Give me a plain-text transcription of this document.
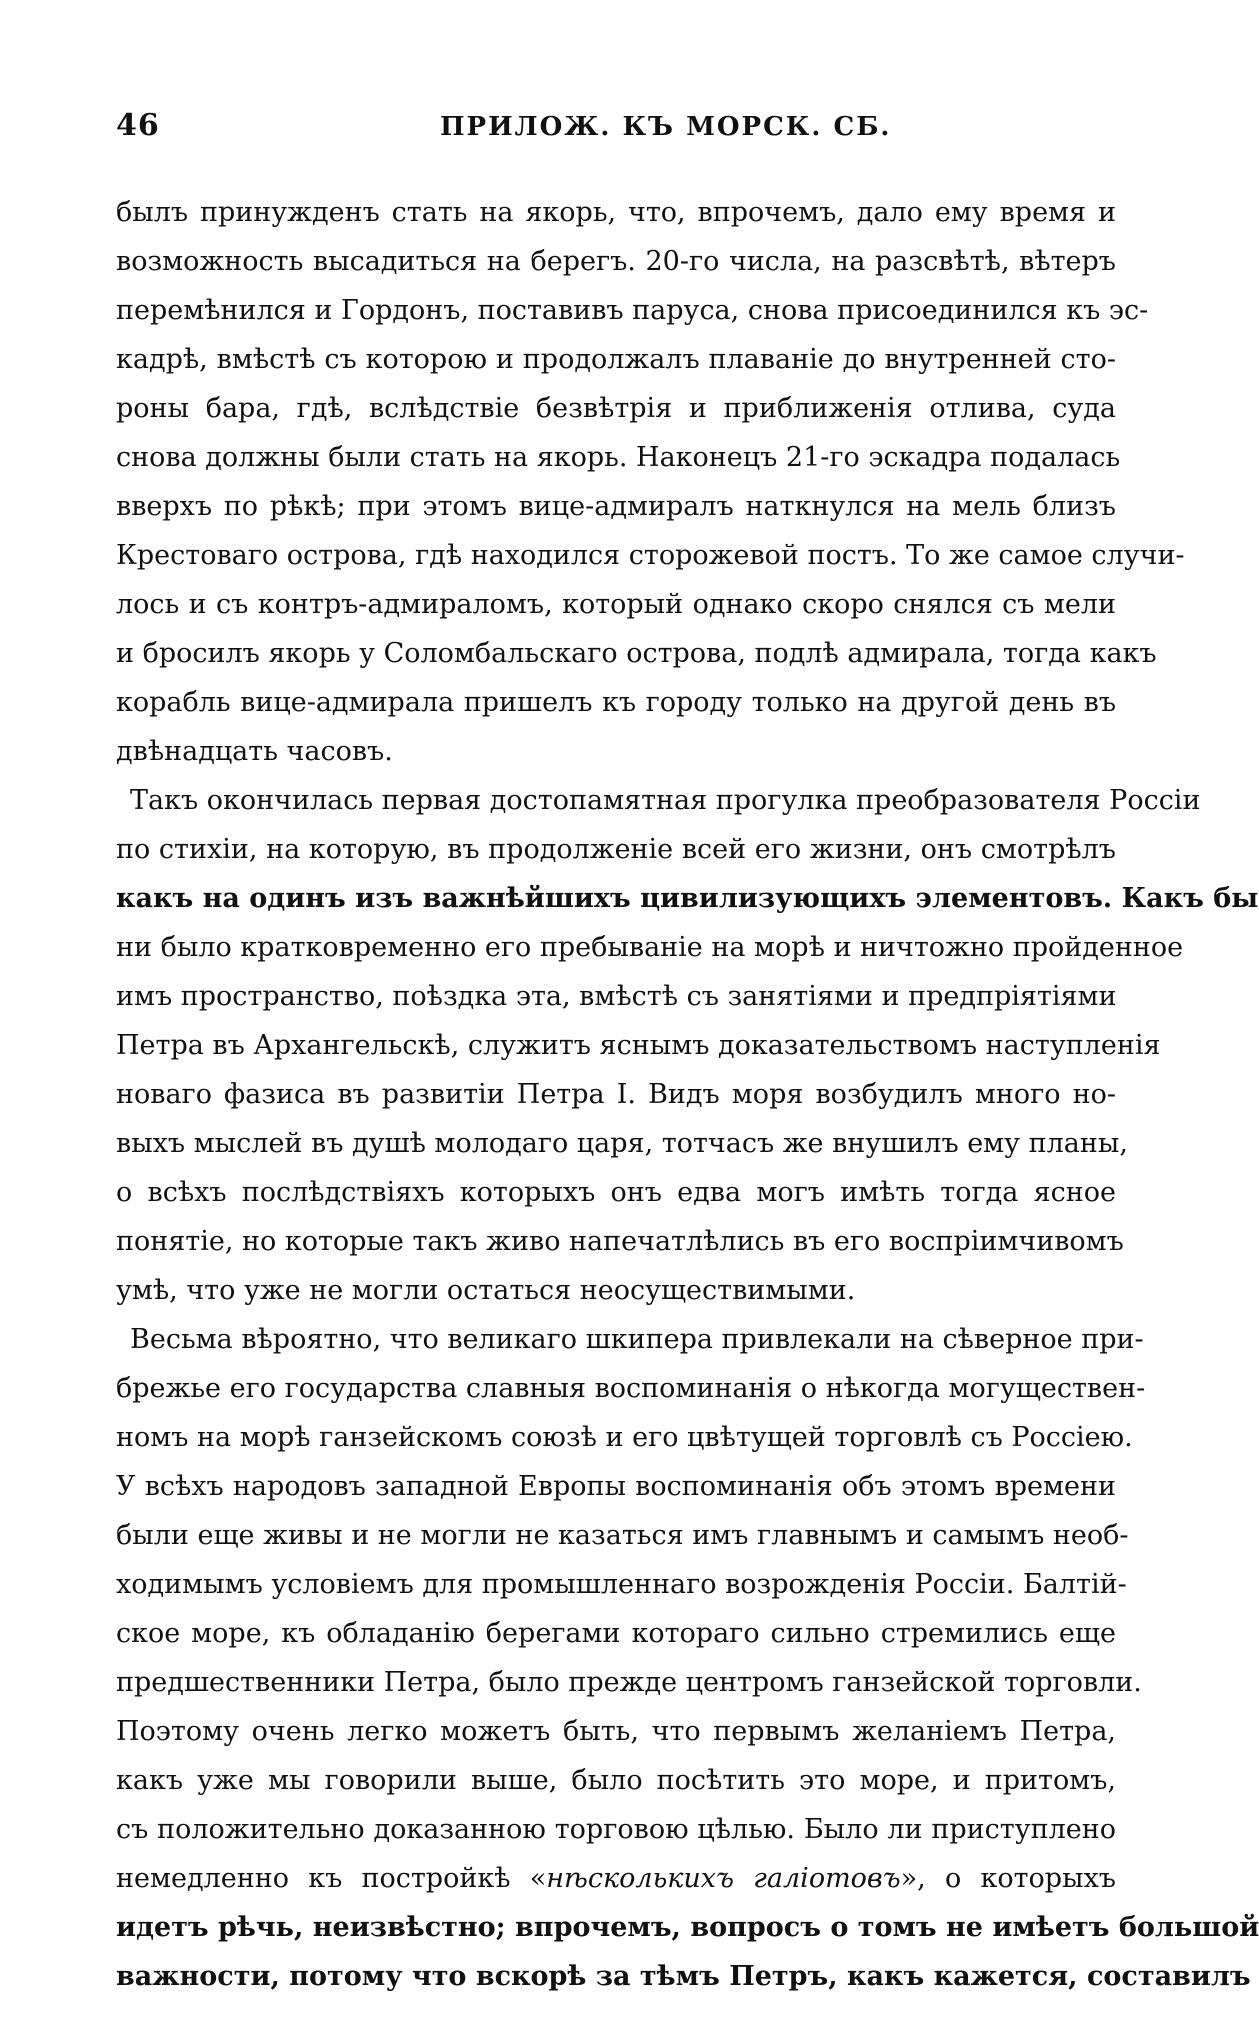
46	ПРИЛОЖ. КЪ МОРСК. СБ.

былъ принужденъ стать на якорь, что, впрочемъ, дало ему время и
возможность высадиться на берегъ. 20-го числа, на разсвѣтѣ, вѣтеръ
перемѣнился и Гордонъ, поставивъ паруса, снова присоединился къ эс-
кадрѣ, вмѣстѣ съ которою и продолжалъ плаваніе до внутренней сто-
роны бара, гдѣ, вслѣдствіе безвѣтрія и приближенія отлива, суда
снова должны были стать на якорь. Наконецъ 21-го эскадра подалась
вверхъ по рѣкѣ; при этомъ вице-адмиралъ наткнулся на мель близъ
Крестоваго острова, гдѣ находился сторожевой постъ. То же самое случи-
лось и съ контръ-адмираломъ, который однако скоро снялся съ мели
и бросилъ якорь у Соломбальскаго острова, подлѣ адмирала, тогда какъ
корабль вице-адмирала пришелъ къ городу только на другой день въ
двѣнадцать часовъ.

Такъ окончилась первая достопамятная прогулка преобразователя Россіи
по стихіи, на которую, въ продолженіе всей его жизни, онъ смотрѣлъ
какъ на одинъ изъ важнѣйшихъ цивилизующихъ элементовъ. Какъ бы
ни было кратковременно его пребываніе на морѣ и ничтожно пройденное
имъ пространство, поѣздка эта, вмѣстѣ съ занятіями и предпріятіями
Петра въ Архангельскѣ, служитъ яснымъ доказательствомъ наступленія
новаго фазиса въ развитіи Петра I. Видъ моря возбудилъ много но-
выхъ мыслей въ душѣ молодаго царя, тотчасъ же внушилъ ему планы,
о всѣхъ послѣдствіяхъ которыхъ онъ едва могъ имѣть тогда ясное
понятіе, но которые такъ живо напечатлѣлись въ его воспріимчивомъ
умѣ, что уже не могли остаться неосуществимыми.

Весьма вѣроятно, что великаго шкипера привлекали на сѣверное при-
брежье его государства славныя воспоминанія о нѣкогда могуществен-
номъ на морѣ ганзейскомъ союзѣ и его цвѣтущей торговлѣ съ Россіею.
У всѣхъ народовъ западной Европы воспоминанія объ этомъ времени
были еще живы и не могли не казаться имъ главнымъ и самымъ необ-
ходимымъ условіемъ для промышленнаго возрожденія Россіи. Балтій-
ское море, къ обладанію берегами котораго сильно стремились еще
предшественники Петра, было прежде центромъ ганзейской торговли.
Поэтому очень легко можетъ быть, что первымъ желаніемъ Петра,
какъ уже мы говорили выше, было посѣтить это море, и притомъ,
съ положительно доказанною торговою цѣлью. Было ли приступлено
немедленно къ постройкѣ «нѣсколькихъ галіотовъ», о которыхъ
идетъ рѣчь, неизвѣстно; впрочемъ, вопросъ о томъ не имѣетъ большой
важности, потому что вскорѣ за тѣмъ Петръ, какъ кажется, составилъ
